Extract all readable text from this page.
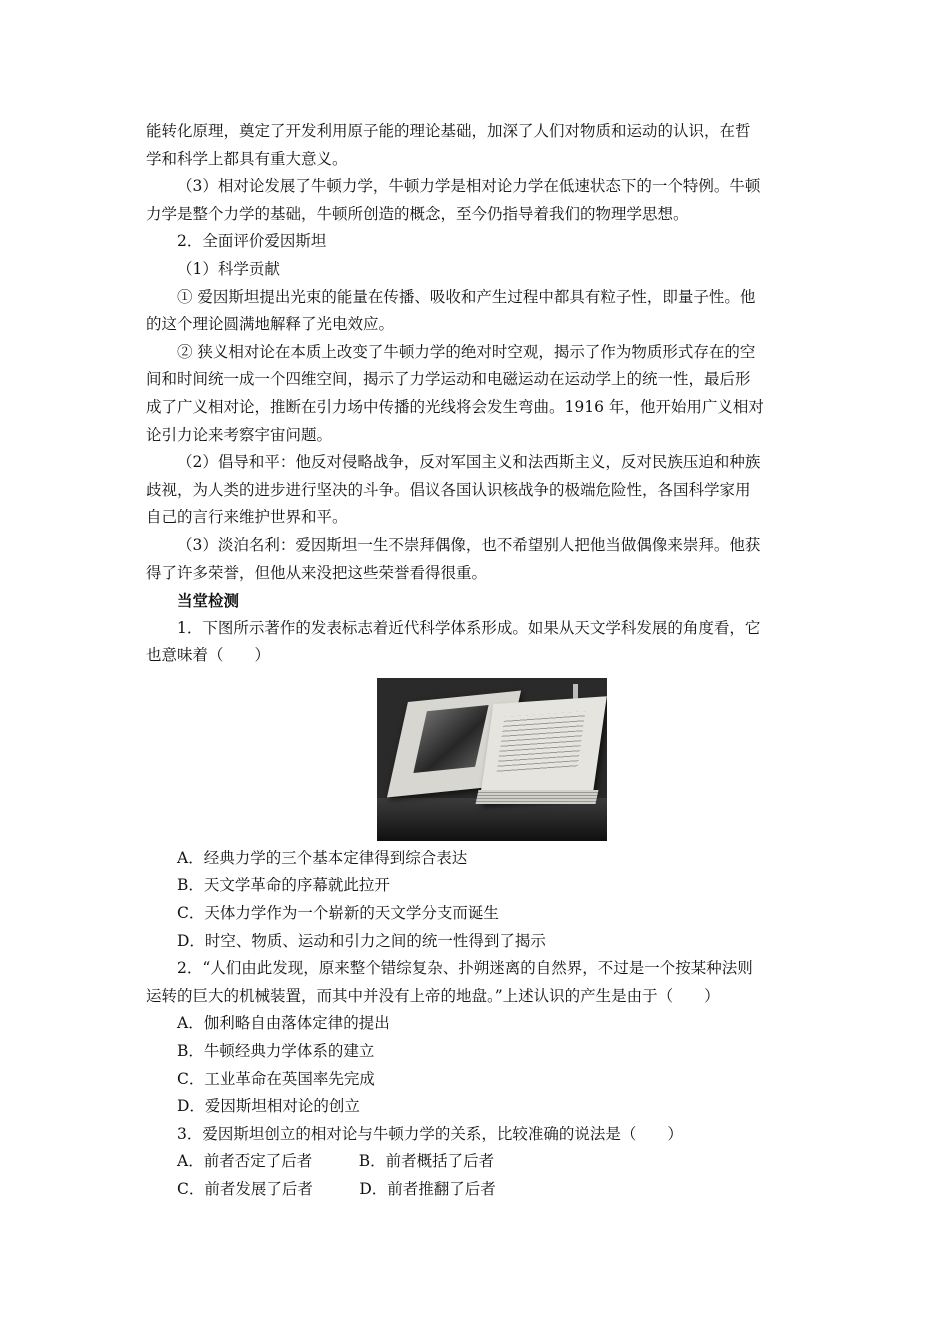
能转化原理，奠定了开发利用原子能的理论基础，加深了人们对物质和运动的认识，在哲
学和科学上都具有重大意义。
（3）相对论发展了牛顿力学，牛顿力学是相对论力学在低速状态下的一个特例。牛顿
力学是整个力学的基础，牛顿所创造的概念，至今仍指导着我们的物理学思想。
2．全面评价爱因斯坦
（1）科学贡献
① 爱因斯坦提出光束的能量在传播、吸收和产生过程中都具有粒子性，即量子性。他
的这个理论圆满地解释了光电效应。
② 狭义相对论在本质上改变了牛顿力学的绝对时空观，揭示了作为物质形式存在的空
间和时间统一成一个四维空间，揭示了力学运动和电磁运动在运动学上的统一性，最后形
成了广义相对论，推断在引力场中传播的光线将会发生弯曲。1916 年，他开始用广义相对
论引力论来考察宇宙问题。
（2）倡导和平：他反对侵略战争，反对军国主义和法西斯主义，反对民族压迫和种族
歧视，为人类的进步进行坚决的斗争。倡议各国认识核战争的极端危险性，各国科学家用
自己的言行来维护世界和平。
（3）淡泊名利：爱因斯坦一生不崇拜偶像，也不希望别人把他当做偶像来崇拜。他获
得了许多荣誉，但他从来没把这些荣誉看得很重。
当堂检测
1．下图所示著作的发表标志着近代科学体系形成。如果从天文学科发展的角度看，它
也意味着（　　）
A．经典力学的三个基本定律得到综合表达
B．天文学革命的序幕就此拉开
C．天体力学作为一个崭新的天文学分支而诞生
D．时空、物质、运动和引力之间的统一性得到了揭示
2．“人们由此发现，原来整个错综复杂、扑朔迷离的自然界，不过是一个按某种法则
运转的巨大的机械装置，而其中并没有上帝的地盘。”上述认识的产生是由于（　　）
A．伽利略自由落体定律的提出
B．牛顿经典力学体系的建立
C．工业革命在英国率先完成
D．爱因斯坦相对论的创立
3．爱因斯坦创立的相对论与牛顿力学的关系，比较准确的说法是（　　）
A．前者否定了后者　　　B．前者概括了后者
C．前者发展了后者　　　D．前者推翻了后者
